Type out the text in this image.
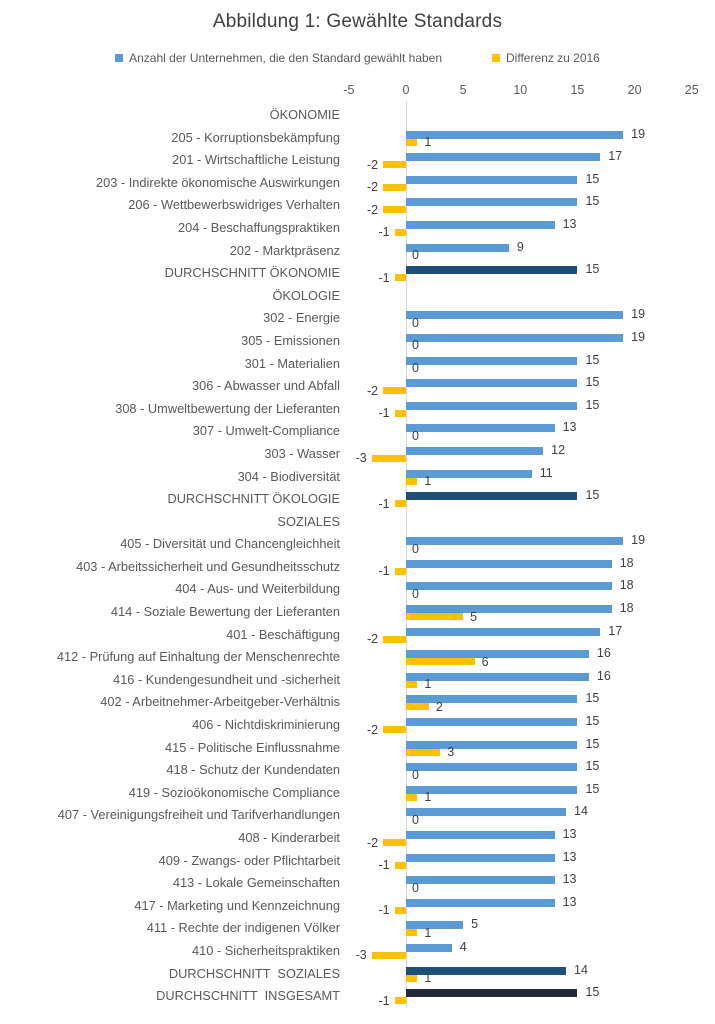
Abbildung 1: Gewählte Standards
Anzahl der Unternehmen, die den Standard gewählt haben	Differenz zu 2016
-5	0	5	10	15	20	25
ÖKONOMIE
205 - Korruptionsbekämpfung	19
1
201 - Wirtschaftliche Leistung	17
-2
203 - Indirekte ökonomische Auswirkungen	15
-2
206 - Wettbewerbswidriges Verhalten	15
-2
204 - Beschaffungspraktiken	13
-1
202 - Marktpräsenz	9
0
DURCHSCHNITT ÖKONOMIE	15
-1
ÖKOLOGIE
302 - Energie	19
0
305 - Emissionen	19
0
301 - Materialien	15
0
306 - Abwasser und Abfall	15
-2
308 - Umweltbewertung der Lieferanten	15
-1
307 - Umwelt-Compliance	13
0
303 - Wasser	12
-3
304 - Biodiversität	11
1
DURCHSCHNITT ÖKOLOGIE	15
-1
SOZIALES
405 - Diversität und Chancengleichheit	19
0
403 - Arbeitssicherheit und Gesundheitsschutz	18
-1
404 - Aus- und Weiterbildung	18
0
414 - Soziale Bewertung der Lieferanten	18
5
401 - Beschäftigung	17
-2
412 - Prüfung auf Einhaltung der Menschenrechte	16
6
416 - Kundengesundheit und -sicherheit	16
1
402 - Arbeitnehmer-Arbeitgeber-Verhältnis	15
2
406 - Nichtdiskriminierung	15
-2
415 - Politische Einflussnahme	15
3
418 - Schutz der Kundendaten	15
0
419 - Sozioökonomische Compliance	15
1
407 - Vereinigungsfreiheit und Tarifverhandlungen	14
0
408 - Kinderarbeit	13
-2
409 - Zwangs- oder Pflichtarbeit	13
-1
413 - Lokale Gemeinschaften	13
0
417 - Marketing und Kennzeichnung	13
-1
411 - Rechte der indigenen Völker	5
1
410 - Sicherheitspraktiken	4
-3
DURCHSCHNITT  SOZIALES	14
1
DURCHSCHNITT  INSGESAMT	15
-1
